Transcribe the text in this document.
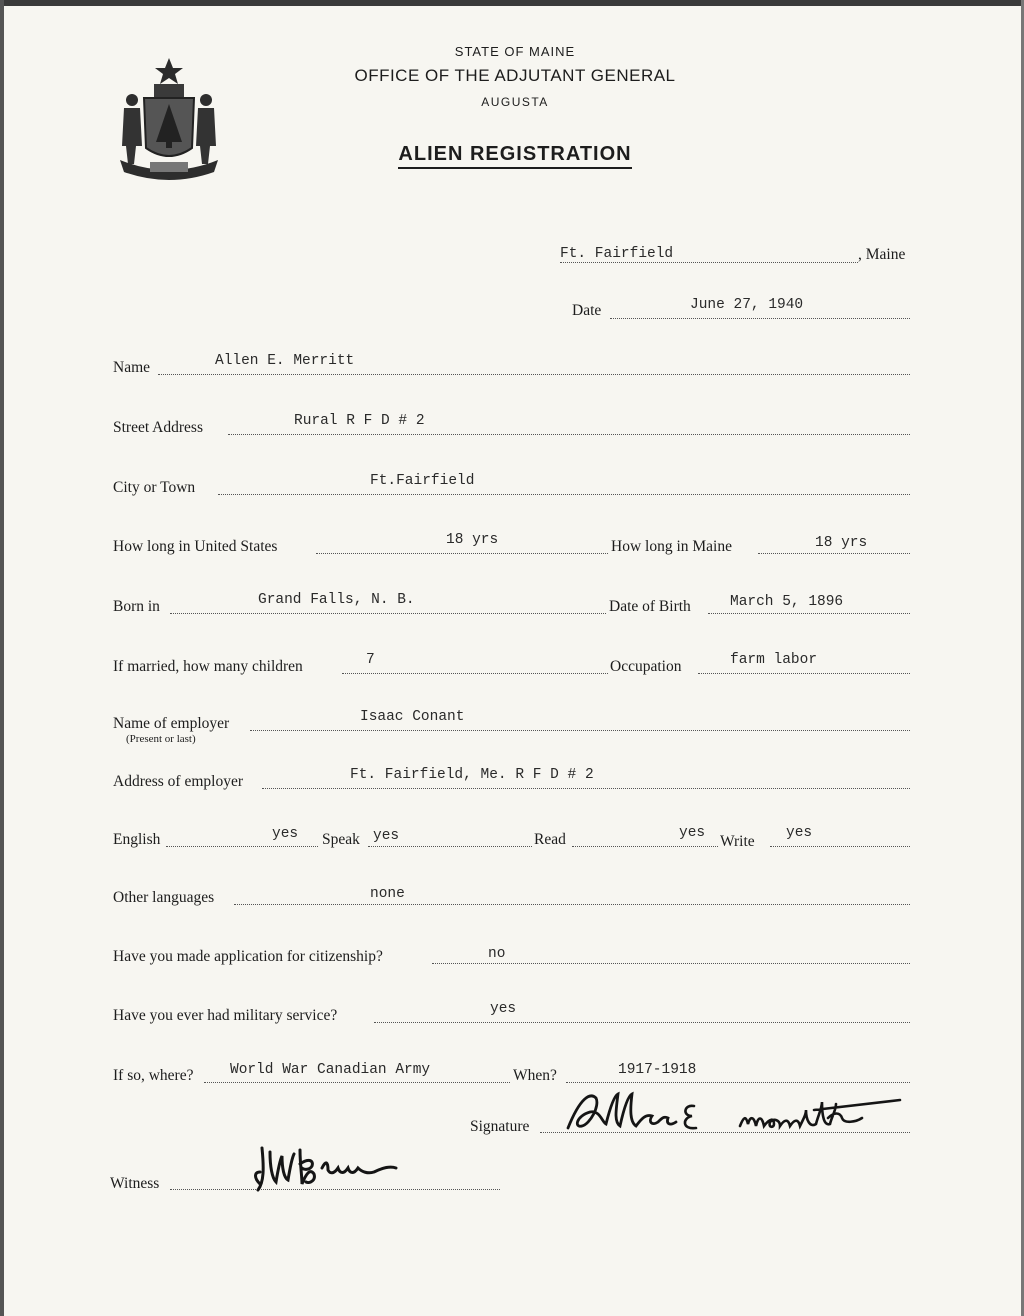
STATE OF MAINE
OFFICE OF THE ADJUTANT GENERAL
AUGUSTA
ALIEN REGISTRATION
Ft. Fairfield	, Maine
Date	June 27, 1940
Name	Allen E. Merritt
Street Address	Rural R F D # 2
City or Town	Ft.Fairfield
How long in United States	18 yrs	How long in Maine	18 yrs
Born in	Grand Falls, N. B.	Date of Birth	March 5, 1896
If married, how many children	7	Occupation	farm labor
Name of employer
(Present or last)
Isaac Conant
Address of employer	Ft. Fairfield, Me. R F D # 2
English	yes Speak yes	Read	yes Write yes
Other languages	none
Have you made application for citizenship?	no
Have you ever had military service?	yes
If so, where?	World War Canadian Army	When?	1917-1918
Signature
Witness
